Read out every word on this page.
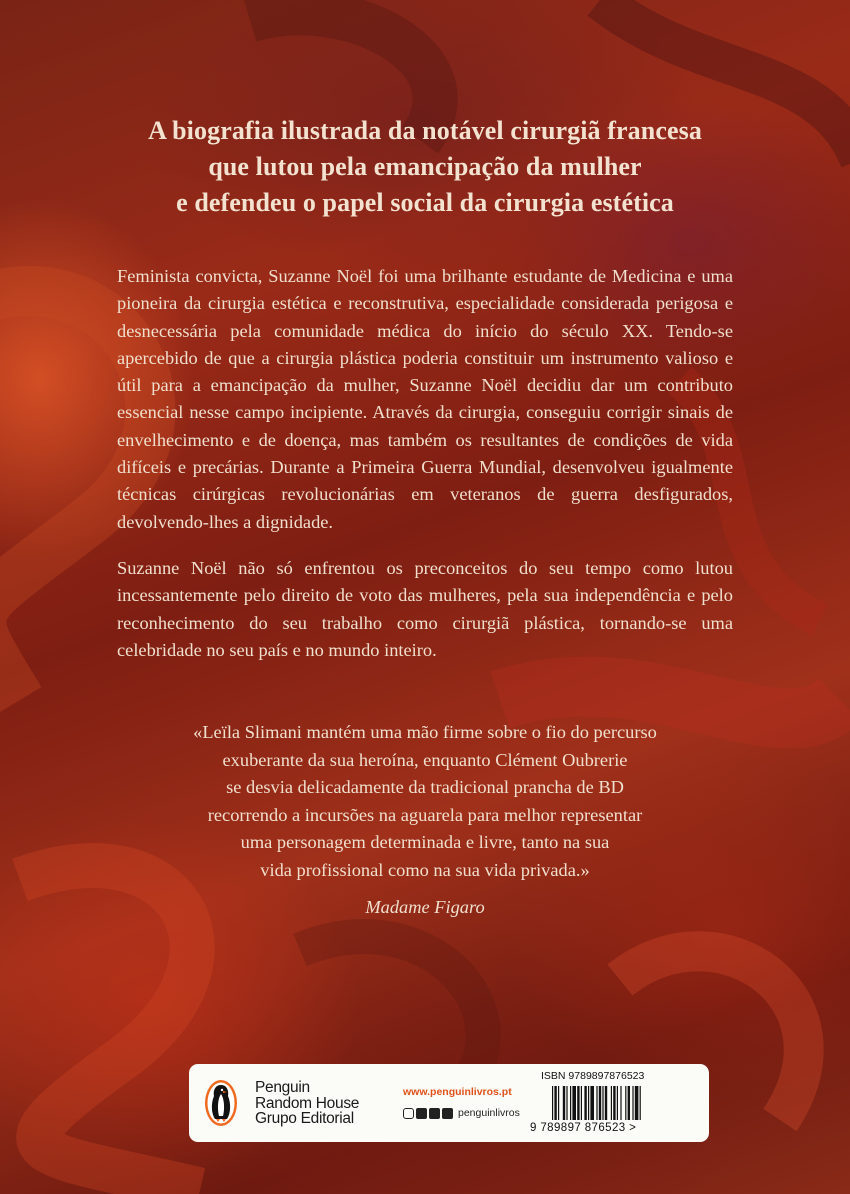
A biografia ilustrada da notável cirurgiã francesa
que lutou pela emancipação da mulher
e defendeu o papel social da cirurgia estética
Feminista convicta, Suzanne Noël foi uma brilhante estudante de Medicina e uma pioneira da cirurgia estética e reconstrutiva, especialidade considerada perigosa e desnecessária pela comunidade médica do início do século XX. Tendo-se apercebido de que a cirurgia plástica poderia constituir um instrumento valioso e útil para a emancipação da mulher, Suzanne Noël decidiu dar um contributo essencial nesse campo incipiente. Através da cirurgia, conseguiu corrigir sinais de envelhecimento e de doença, mas também os resultantes de condições de vida difíceis e precárias. Durante a Primeira Guerra Mundial, desenvolveu igualmente técnicas cirúrgicas revolucionárias em veteranos de guerra desfigurados, devolvendo-lhes a dignidade.
Suzanne Noël não só enfrentou os preconceitos do seu tempo como lutou incessantemente pelo direito de voto das mulheres, pela sua independência e pelo reconhecimento do seu trabalho como cirurgiã plástica, tornando-se uma celebridade no seu país e no mundo inteiro.
«Leïla Slimani mantém uma mão firme sobre o fio do percurso
exuberante da sua heroína, enquanto Clément Oubrerie
se desvia delicadamente da tradicional prancha de BD
recorrendo a incursões na aguarela para melhor representar
uma personagem determinada e livre, tanto na sua
vida profissional como na sua vida privada.»
Madame Figaro
Penguin
Random House
Grupo Editorial
www.penguinlivros.pt
penguinlivros
ISBN 9789897876523
9 789897 876523 >
